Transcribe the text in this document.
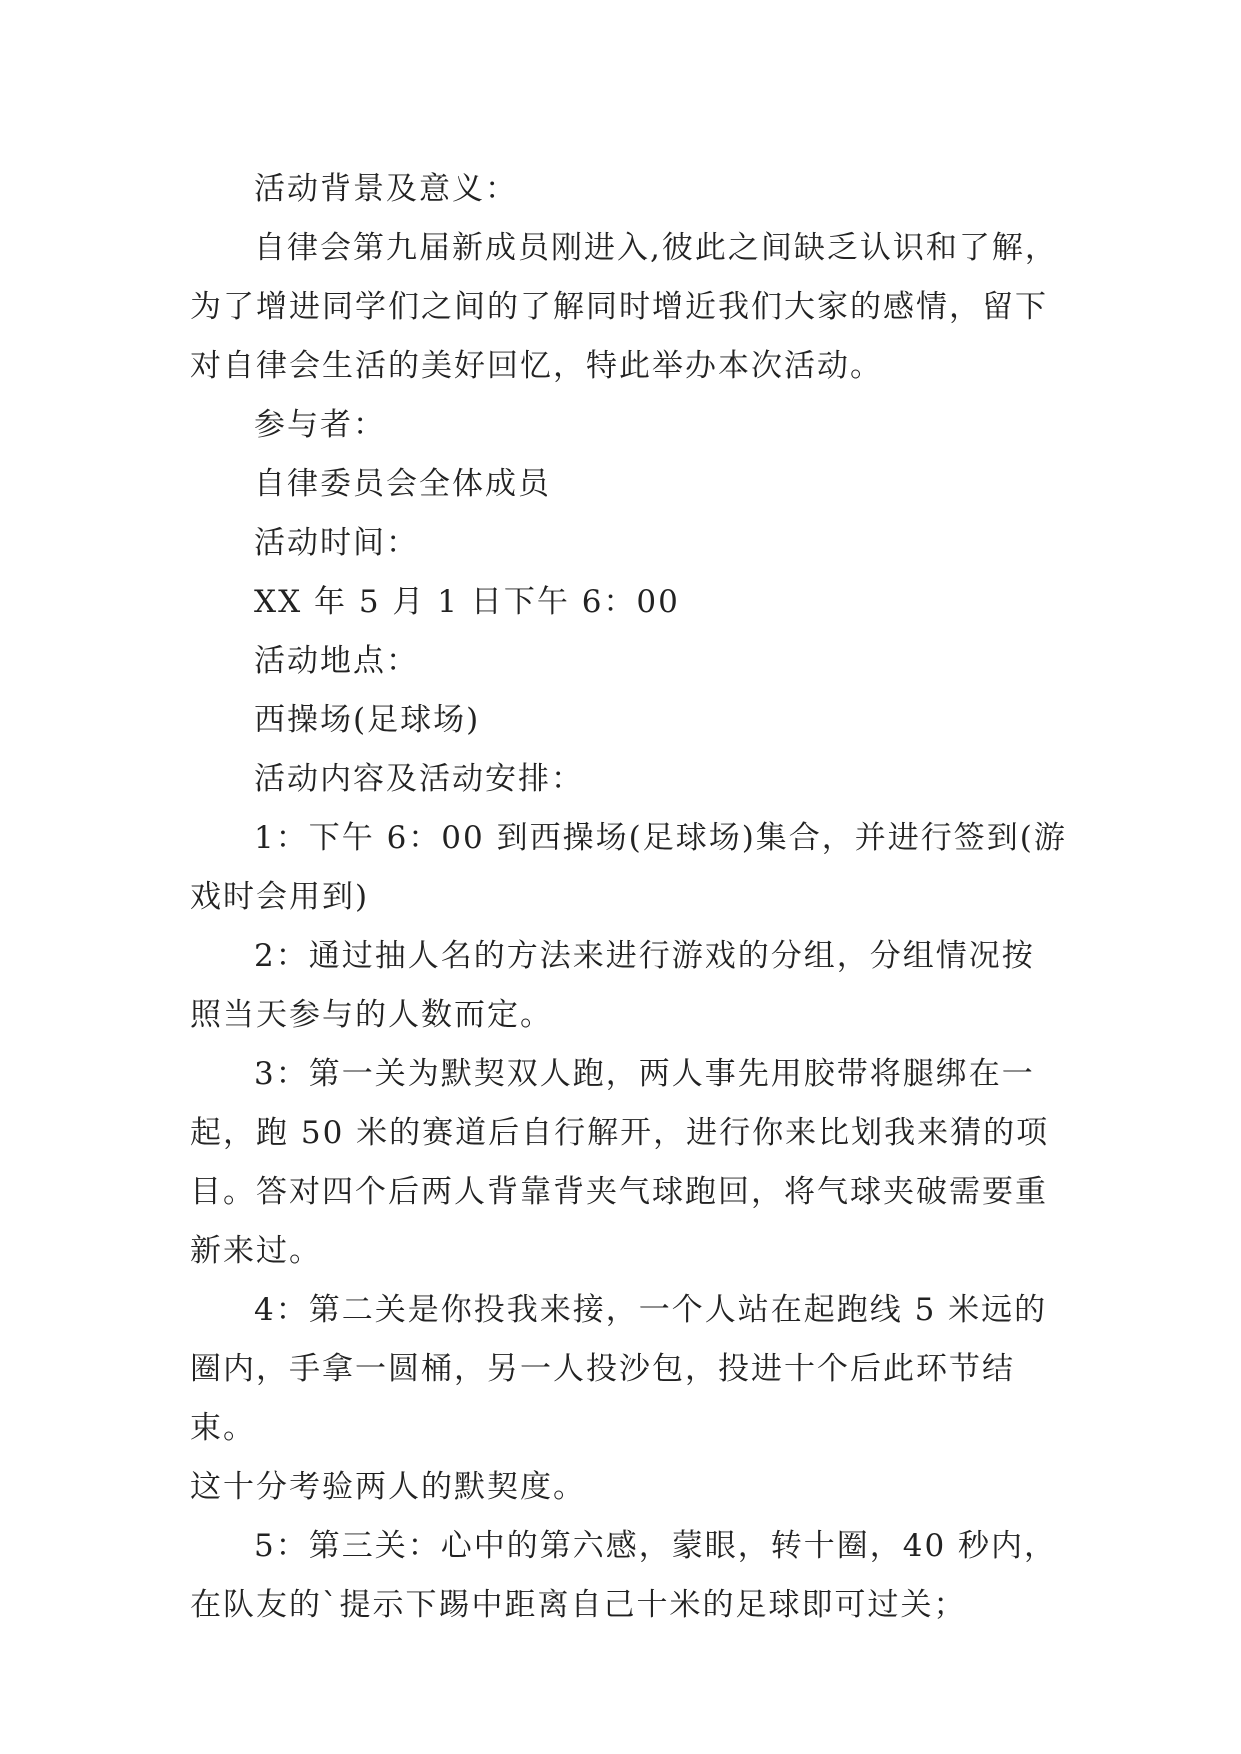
活动背景及意义：

自律会第九届新成员刚进入,彼此之间缺乏认识和了解，

为了增进同学们之间的了解同时增近我们大家的感情，留下

对自律会生活的美好回忆，特此举办本次活动。

参与者：

自律委员会全体成员

活动时间：

XX 年 5 月 1 日下午 6：00

活动地点：

西操场(足球场)

活动内容及活动安排：

1：下午 6：00 到西操场(足球场)集合，并进行签到(游

戏时会用到)

2：通过抽人名的方法来进行游戏的分组，分组情况按

照当天参与的人数而定。

3：第一关为默契双人跑，两人事先用胶带将腿绑在一

起，跑 50 米的赛道后自行解开，进行你来比划我来猜的项

目。答对四个后两人背靠背夹气球跑回，将气球夹破需要重

新来过。

4：第二关是你投我来接，一个人站在起跑线 5 米远的

圈内，手拿一圆桶，另一人投沙包，投进十个后此环节结束。

这十分考验两人的默契度。

5：第三关：心中的第六感，蒙眼，转十圈，40 秒内，

在队友的`提示下踢中距离自己十米的足球即可过关；
